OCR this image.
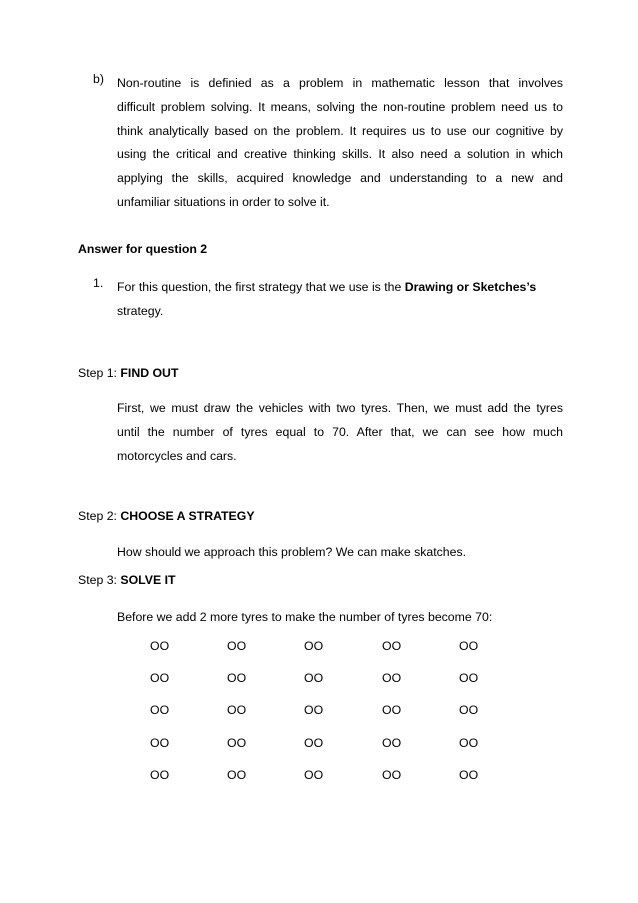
b) Non-routine is definied as a problem in mathematic lesson that involves
difficult problem solving. It means, solving the non-routine problem need us to
think analytically based on the problem. It requires us to use our cognitive by
using the critical and creative thinking skills. It also need a solution in which
applying the skills, acquired knowledge and understanding to a new and
unfamiliar situations in order to solve it.
Answer for question 2
1. For this question, the first strategy that we use is the Drawing or Sketches’s
strategy.
Step 1: FIND OUT
First, we must draw the vehicles with two tyres. Then, we must add the tyres
until the number of tyres equal to 70. After that, we can see how much
motorcycles and cars.
Step 2: CHOOSE A STRATEGY
How should we approach this problem? We can make skatches.
Step 3: SOLVE IT
Before we add 2 more tyres to make the number of tyres become 70:
OO	OO	OO	OO	OO
OO	OO	OO	OO	OO
OO	OO	OO	OO	OO
OO	OO	OO	OO	OO
OO	OO	OO	OO	OO
